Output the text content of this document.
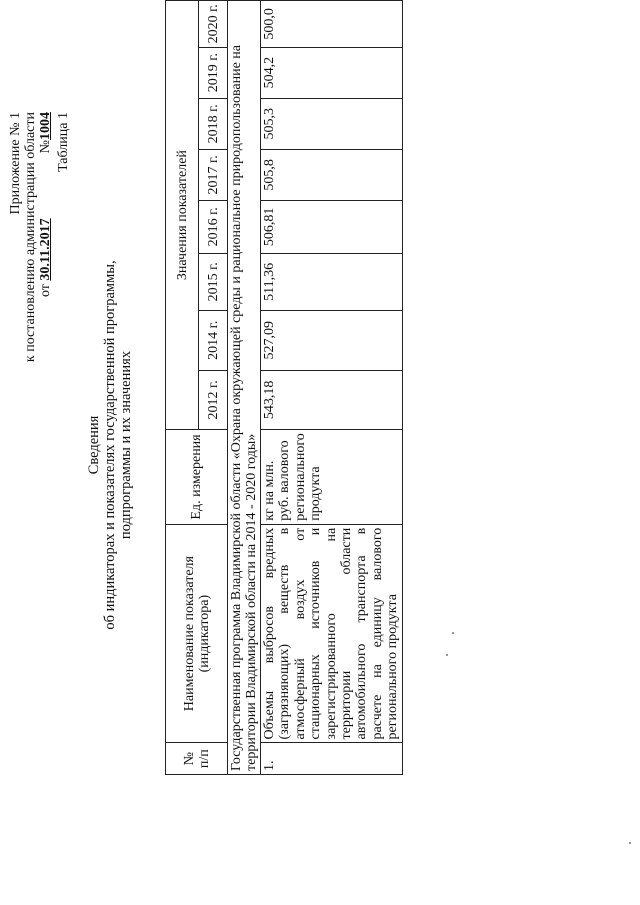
Приложение № 1 к постановлению администрации области от 30.11.2017  №1004 Таблица 1
Сведения об индикаторах и показателях государственной программы, подпрограммы и их значениях
№ п/п	Наименование показателя (индикатора)	Ед. измерения	Значения показателей							
			2012 г.	2014 г.	2015 г.	2016 г.	2017 г.	2018 г.	2019 г.	2020 г.
Государственная программа Владимирской области «Охрана окружающей среды и рациональное природопользование на территории Владимирской области на 2014 - 2020 годы»										
1.	Объемы выбросов вредных (загрязняющих) веществ в атмосферный воздух от стационарных источников и зарегистрированного на территории области автомобильного транспорта в расчете на единицу валового регионального продукта	кг на млн. руб. валового регионального продукта	543,18	527,09	511,36	506,81	505,8	505,3	504,2	500,0
